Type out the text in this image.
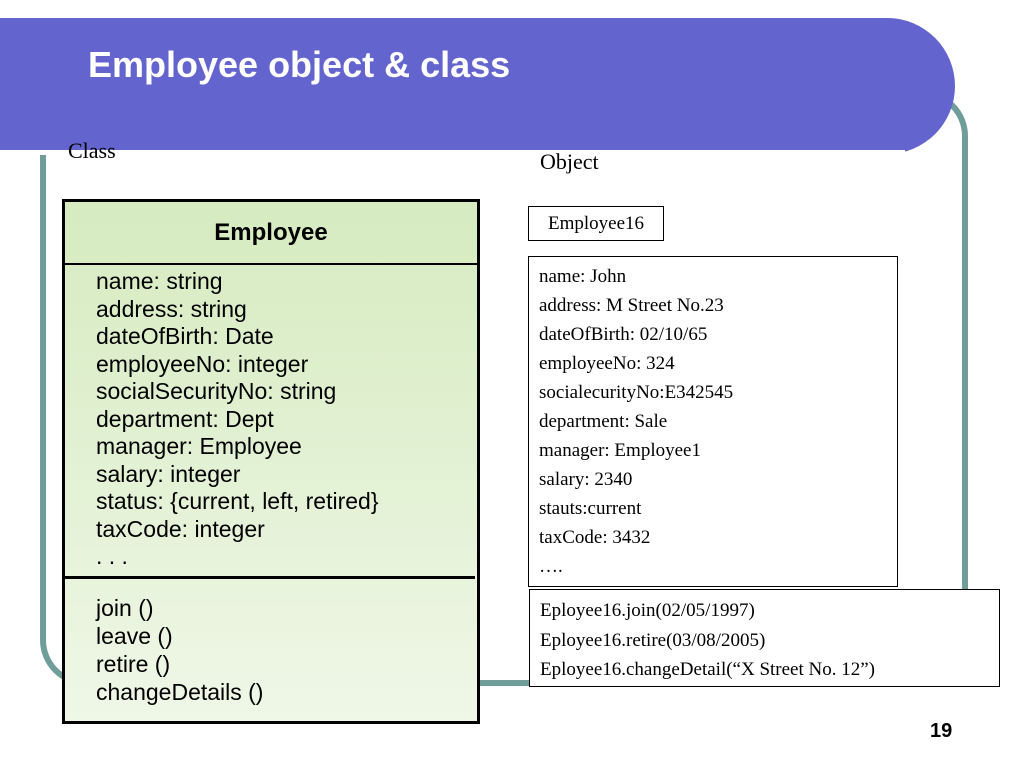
Employee object & class
Class	Object
Employee
name: string
address: string
dateOfBirth: Date
employeeNo: integer
socialSecurityNo: string
department: Dept
manager: Employee
salary: integer
status: {current, left, retired}
taxCode: integer
. . .
join ()
leave ()
retire ()
changeDetails ()
Employee16
name: John
address: M Street No.23
dateOfBirth: 02/10/65
employeeNo: 324
socialecurityNo:E342545
department: Sale
manager: Employee1
salary: 2340
stauts:current
taxCode: 3432
….
Eployee16.join(02/05/1997)
Eployee16.retire(03/08/2005)
Eployee16.changeDetail(“X Street No. 12”)
19
